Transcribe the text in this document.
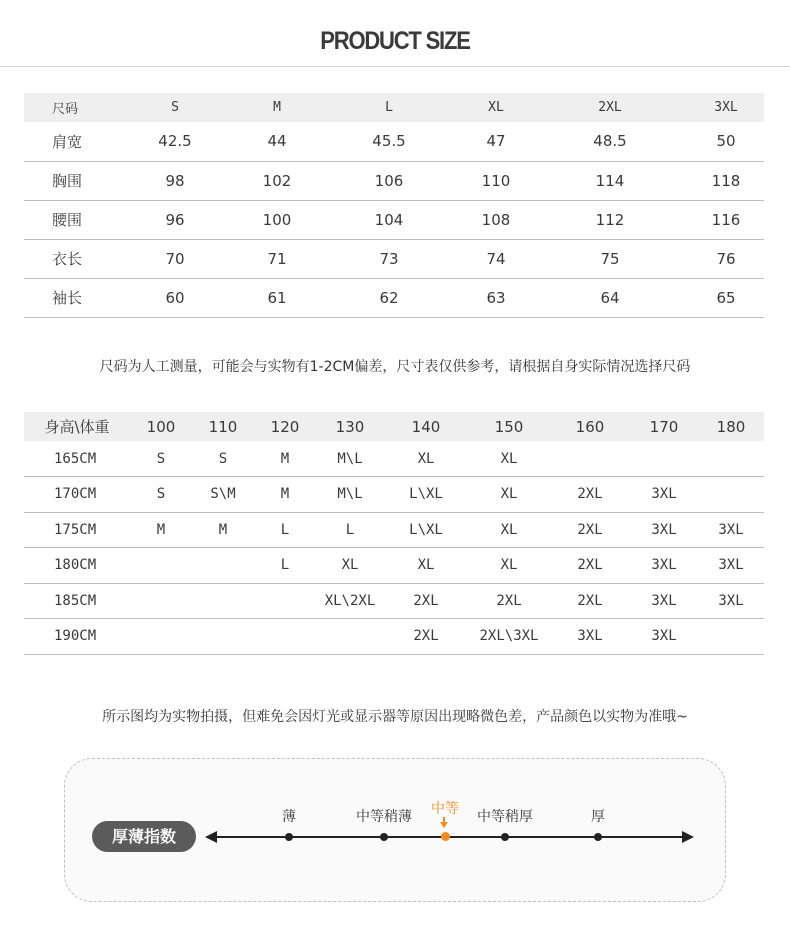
PRODUCT SIZE
尺码	S	M	L	XL	2XL	3XL
肩宽	42.5	44	45.5	47	48.5	50
胸围	98	102	106	110	114	118
腰围	96	100	104	108	112	116
衣长	70	71	73	74	75	76
袖长	60	61	62	63	64	65
尺码为人工测量，可能会与实物有1-2CM偏差，尺寸表仅供参考，请根据自身实际情况选择尺码
身高\体重	100	110	120	130	140	150	160	170	180
165CM	S	S	M	M\L	XL	XL			
170CM	S	S\M	M	M\L	L\XL	XL	2XL	3XL	
175CM	M	M	L	L	L\XL	XL	2XL	3XL	3XL
180CM			L	XL	XL	XL	2XL	3XL	3XL
185CM				XL\2XL	2XL	2XL	2XL	3XL	3XL
190CM					2XL	2XL\3XL	3XL	3XL	
所示图均为实物拍摄，但难免会因灯光或显示器等原因出现略微色差，产品颜色以实物为准哦~
厚薄指数
薄	中等稍薄 中等 中等稍厚	厚
